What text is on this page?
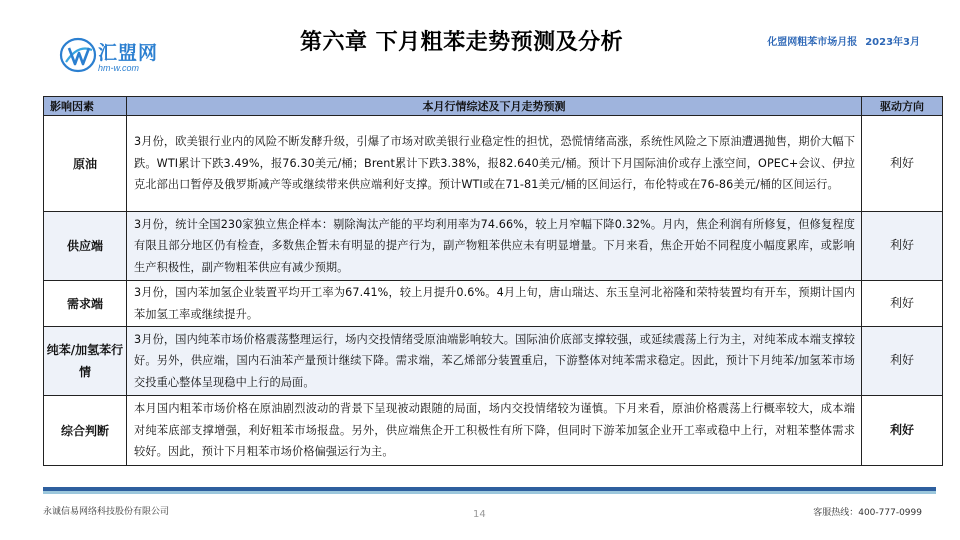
汇盟网
hm-w.com
第六章 下月粗苯走势预测及分析	化盟网粗苯市场月报 2023年3月
影响因素	本月行情综述及下月走势预测	驱动方向
原油	3月份，欧美银行业内的风险不断发酵升级，引爆了市场对欧美银行业稳定性的担忧，恐慌情绪高涨，系统性风险之下原油遭遇抛售，期价大幅下跌。WTI累计下跌3.49%，报76.30美元/桶；Brent累计下跌3.38%，报82.640美元/桶。预计下月国际油价或存上涨空间，OPEC+会议、伊拉克北部出口暂停及俄罗斯减产等或继续带来供应端利好支撑。预计WTI或在71-81美元/桶的区间运行，布伦特或在76-86美元/桶的区间运行。	利好
供应端	3月份，统计全国230家独立焦企样本：剔除淘汰产能的平均利用率为74.66%，较上月窄幅下降0.32%。月内，焦企利润有所修复，但修复程度有限且部分地区仍有检查，多数焦企暂未有明显的提产行为，副产物粗苯供应未有明显增量。下月来看，焦企开始不同程度小幅度累库，或影响生产积极性，副产物粗苯供应有减少预期。	利好
需求端	3月份，国内苯加氢企业装置平均开工率为67.41%，较上月提升0.6%。4月上旬，唐山瑞达、东玉皇河北裕隆和荣特装置均有开车，预期计国内苯加氢工率或继续提升。	利好
纯苯/加氢苯行情	3月份，国内纯苯市场价格震荡整理运行，场内交投情绪受原油端影响较大。国际油价底部支撑较强，或延续震荡上行为主，对纯苯成本端支撑较好。另外，供应端，国内石油苯产量预计继续下降。需求端，苯乙烯部分装置重启，下游整体对纯苯需求稳定。因此，预计下月纯苯/加氢苯市场交投重心整体呈现稳中上行的局面。	利好
综合判断	本月国内粗苯市场价格在原油剧烈波动的背景下呈现被动跟随的局面，场内交投情绪较为谨慎。下月来看，原油价格震荡上行概率较大，成本端对纯苯底部支撑增强，利好粗苯市场报盘。另外，供应端焦企开工积极性有所下降，但同时下游苯加氢企业开工率或稳中上行，对粗苯整体需求较好。因此，预计下月粗苯市场价格偏强运行为主。	利好
永诚信易网络科技股份有限公司	14	客服热线：400-777-0999
